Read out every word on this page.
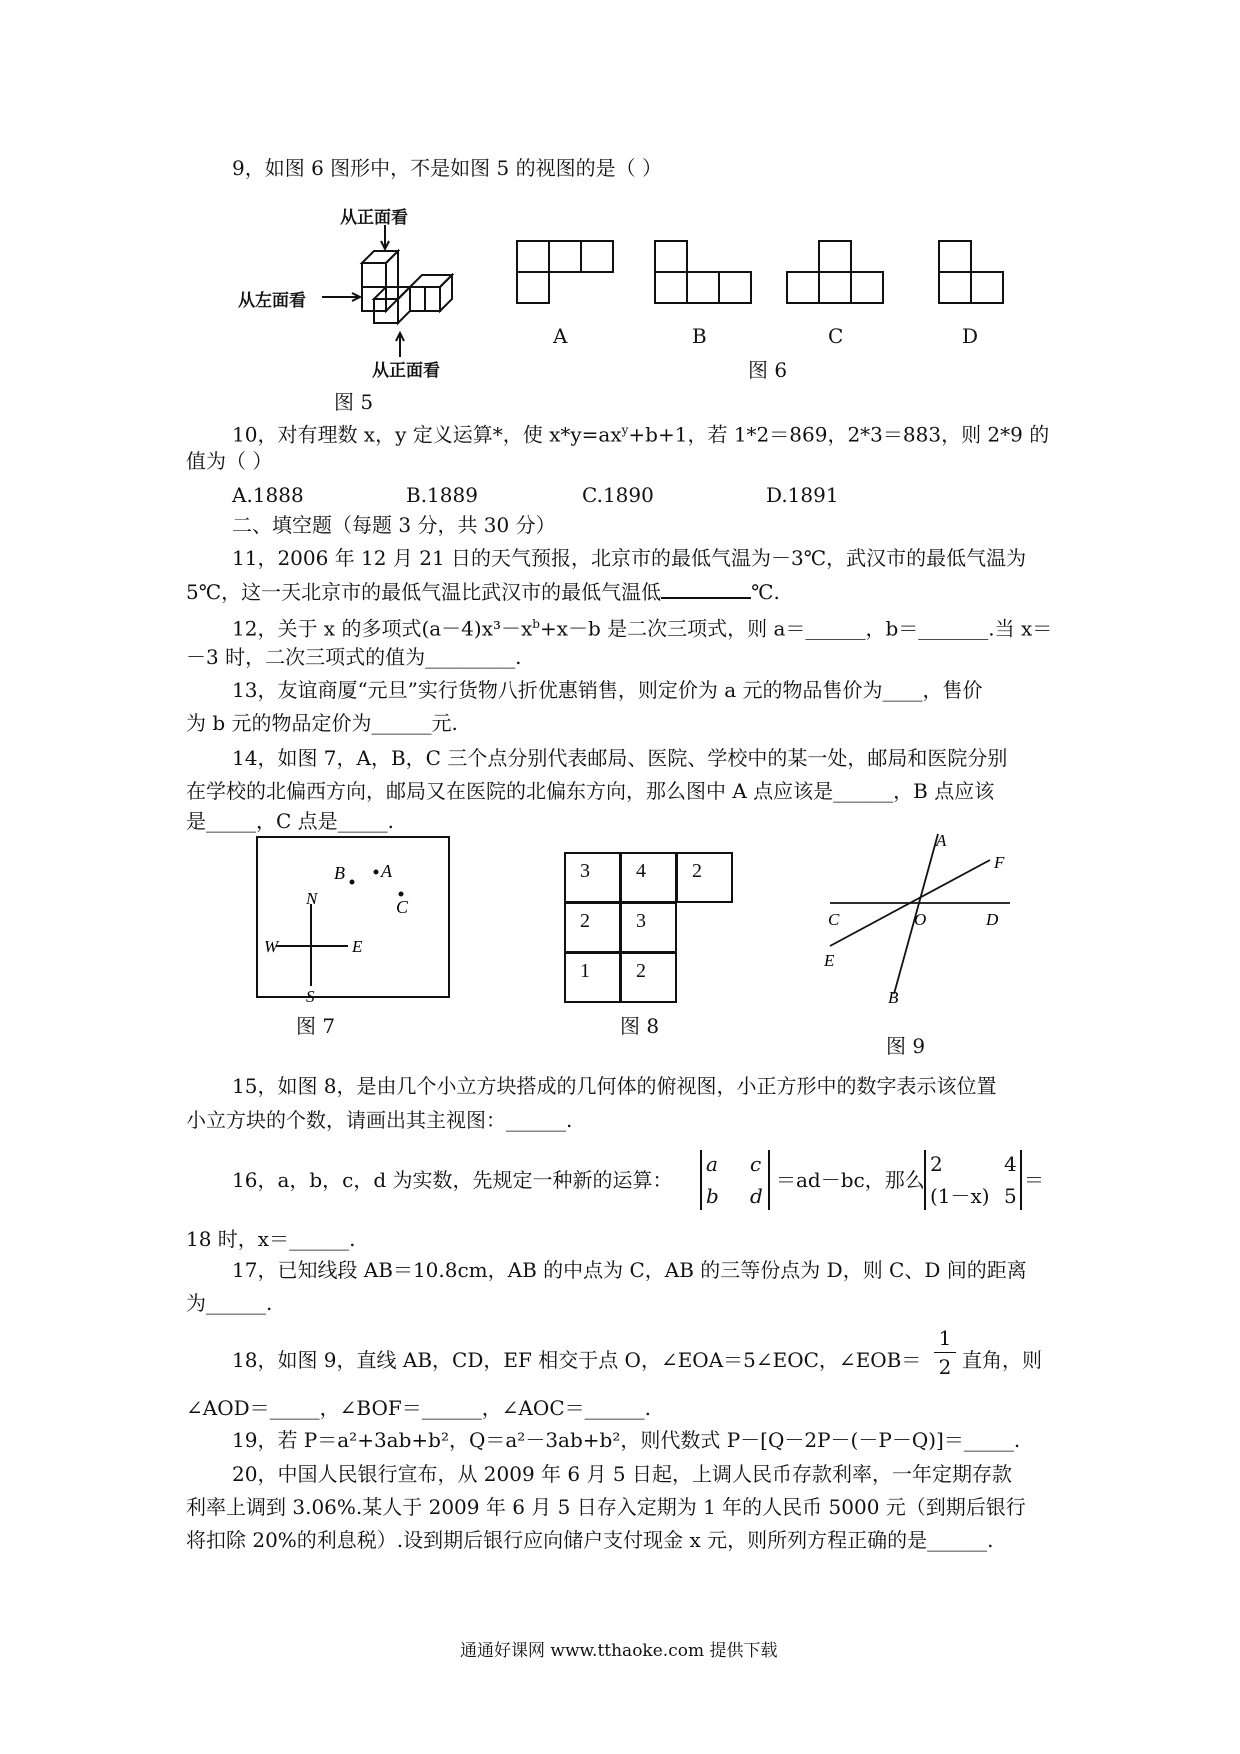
9，如图 6 图形中，不是如图 5 的视图的是（ ）
从正面看
从左面看
从正面看
图 5
A	B	C	D
图 6
10，对有理数 x，y 定义运算*，使 $x*y=ax^y+b+1$，若 1*2＝869，2*3＝883，则 2*9 的
值为（ ）
A.1888	B.1889	C.1890	D.1891
二、填空题（每题 3 分，共 30 分）
11，2006 年 12 月 21 日的天气预报，北京市的最低气温为－3℃，武汉市的最低气温为
5℃，这一天北京市的最低气温比武汉市的最低气温低	℃.
12，关于 x 的多项式$(a-4)x^3-x^b+x-b$ 是二次三项式，则 a＝______，b＝_______.当 x＝
－3 时，二次三项式的值为_________.
13，友谊商厦“元旦”实行货物八折优惠销售，则定价为 a 元的物品售价为____，售价
为 b 元的物品定价为______元.
14，如图 7，A，B，C 三个点分别代表邮局、医院、学校中的某一处，邮局和医院分别
在学校的北偏西方向，邮局又在医院的北偏东方向，那么图中 A 点应该是______，B 点应该
是_____，C 点是_____.
A
B
C
N
S
W	E
图 7
3	4	2
2	3
1	2
图 8
A
F
C	O	D
E
B
图 9
15，如图 8，是由几个小立方块搭成的几何体的俯视图，小正方形中的数字表示该位置
小立方块的个数，请画出其主视图：______.
16，a，b，c，d 为实数，先规定一种新的运算：
a c
b d
＝ad－bc，那么
2	4
(1－x) 5
＝
18 时，x＝______.
17，已知线段 AB＝10.8cm，AB 的中点为 C，AB 的三等份点为 D，则 C、D 间的距离
为______.
18，如图 9，直线 AB，CD，EF 相交于点 O，∠EOA＝5∠EOC，∠EOB＝
1
2 直角，则
∠AOD＝_____，∠BOF＝______，∠AOC＝______.
19，若 P＝a²+3ab+b²，Q＝a²－3ab+b²，则代数式 P－[Q－2P－(－P－Q)]＝_____.
20，中国人民银行宣布，从 2009 年 6 月 5 日起，上调人民币存款利率，一年定期存款
利率上调到 3.06%.某人于 2009 年 6 月 5 日存入定期为 1 年的人民币 5000 元（到期后银行
将扣除 20%的利息税）.设到期后银行应向储户支付现金 x 元，则所列方程正确的是______.
通通好课网 www.tthaoke.com 提供下载
